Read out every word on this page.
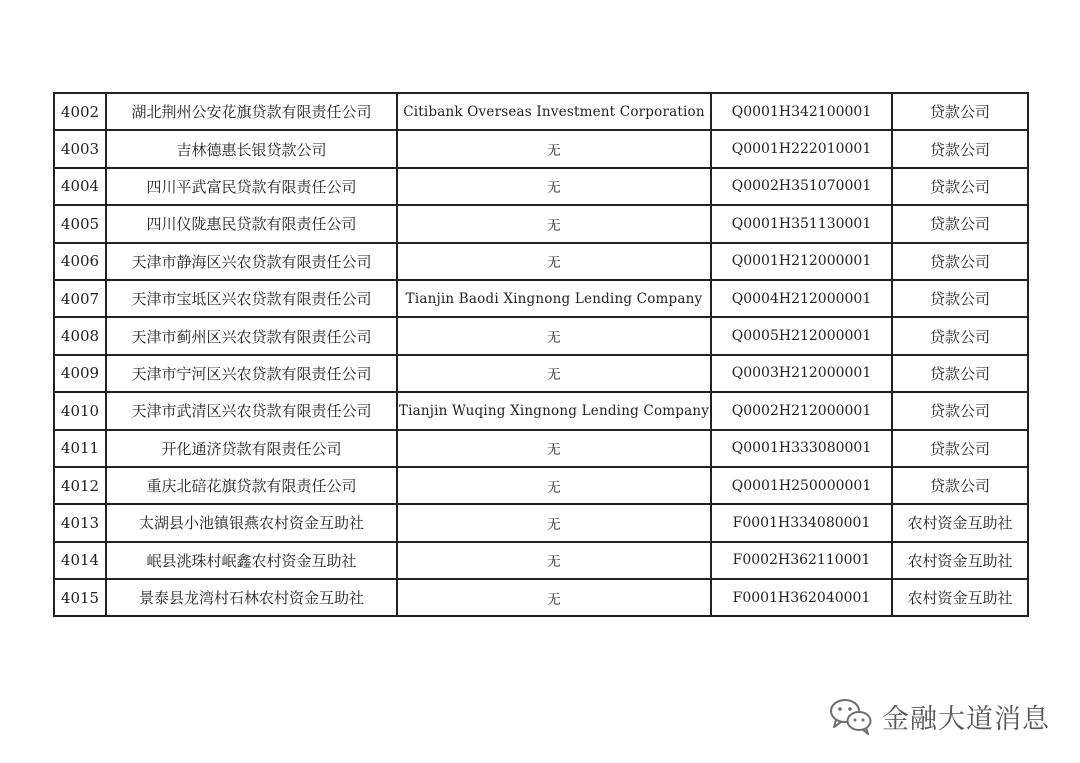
4002	湖北荆州公安花旗贷款有限责任公司	Citibank Overseas Investment Corporation	Q0001H342100001	贷款公司
4003	吉林德惠长银贷款公司	无	Q0001H222010001	贷款公司
4004	四川平武富民贷款有限责任公司	无	Q0002H351070001	贷款公司
4005	四川仪陇惠民贷款有限责任公司	无	Q0001H351130001	贷款公司
4006	天津市静海区兴农贷款有限责任公司	无	Q0001H212000001	贷款公司
4007	天津市宝坻区兴农贷款有限责任公司	Tianjin Baodi Xingnong Lending Company	Q0004H212000001	贷款公司
4008	天津市蓟州区兴农贷款有限责任公司	无	Q0005H212000001	贷款公司
4009	天津市宁河区兴农贷款有限责任公司	无	Q0003H212000001	贷款公司
4010	天津市武清区兴农贷款有限责任公司	Tianjin Wuqing Xingnong Lending Company	Q0002H212000001	贷款公司
4011	开化通济贷款有限责任公司	无	Q0001H333080001	贷款公司
4012	重庆北碚花旗贷款有限责任公司	无	Q0001H250000001	贷款公司
4013	太湖县小池镇银燕农村资金互助社	无	F0001H334080001	农村资金互助社
4014	岷县洮珠村岷鑫农村资金互助社	无	F0002H362110001	农村资金互助社
4015	景泰县龙湾村石林农村资金互助社	无	F0001H362040001	农村资金互助社
金融大道消息
